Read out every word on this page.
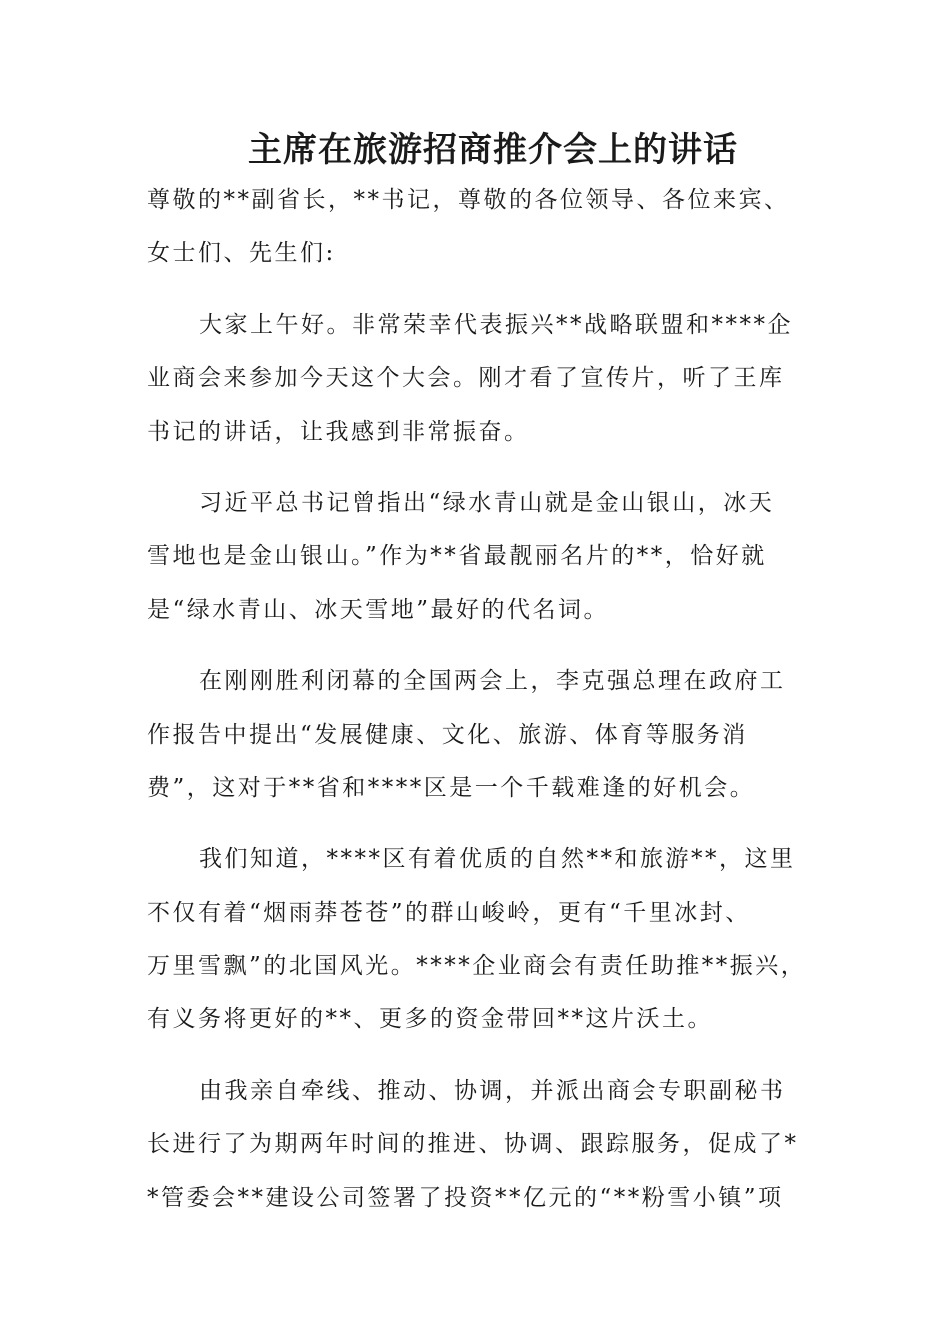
主席在旅游招商推介会上的讲话
尊敬的**副省长，**书记，尊敬的各位领导、各位来宾、
女士们、先生们:
大家上午好。非常荣幸代表振兴**战略联盟和****企
业商会来参加今天这个大会。刚才看了宣传片，听了王库
书记的讲话，让我感到非常振奋。
习近平总书记曾指出“绿水青山就是金山银山，冰天
雪地也是金山银山。”作为**省最靓丽名片的**，恰好就
是“绿水青山、冰天雪地”最好的代名词。
在刚刚胜利闭幕的全国两会上，李克强总理在政府工
作报告中提出“发展健康、文化、旅游、体育等服务消
费”，这对于**省和****区是一个千载难逢的好机会。
我们知道，****区有着优质的自然**和旅游**，这里
不仅有着“烟雨莽苍苍”的群山峻岭，更有“千里冰封、
万里雪飘”的北国风光。****企业商会有责任助推**振兴，
有义务将更好的**、更多的资金带回**这片沃土。
由我亲自牵线、推动、协调，并派出商会专职副秘书
长进行了为期两年时间的推进、协调、跟踪服务，促成了*
*管委会**建设公司签署了投资**亿元的“**粉雪小镇”项
